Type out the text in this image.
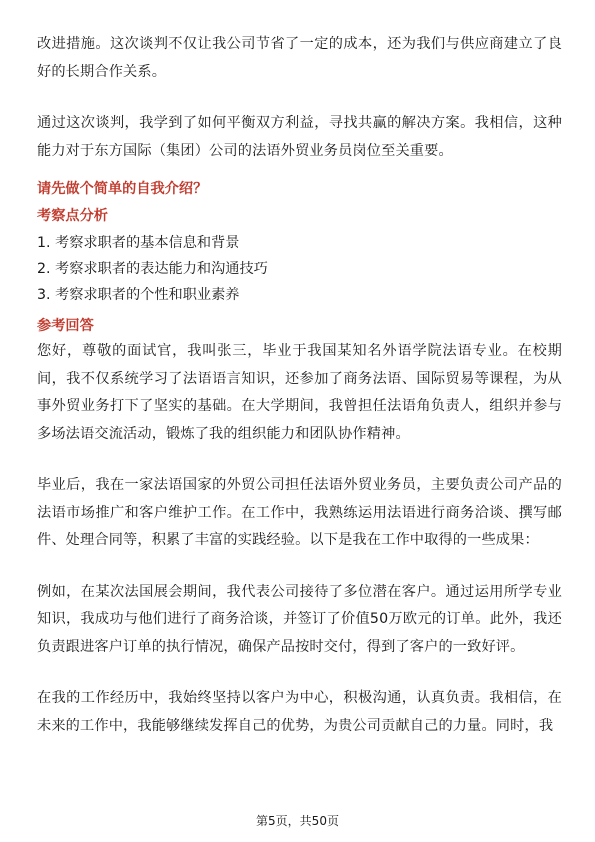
改进措施。这次谈判不仅让我公司节省了一定的成本，还为我们与供应商建立了良好的长期合作关系。

通过这次谈判，我学到了如何平衡双方利益，寻找共赢的解决方案。我相信，这种能力对于东方国际（集团）公司的法语外贸业务员岗位至关重要。

请先做个简单的自我介绍？
考察点分析
1. 考察求职者的基本信息和背景
2. 考察求职者的表达能力和沟通技巧
3. 考察求职者的个性和职业素养
参考回答

您好，尊敬的面试官，我叫张三，毕业于我国某知名外语学院法语专业。在校期间，我不仅系统学习了法语语言知识，还参加了商务法语、国际贸易等课程，为从事外贸业务打下了坚实的基础。在大学期间，我曾担任法语角负责人，组织并参与多场法语交流活动，锻炼了我的组织能力和团队协作精神。

毕业后，我在一家法语国家的外贸公司担任法语外贸业务员，主要负责公司产品的法语市场推广和客户维护工作。在工作中，我熟练运用法语进行商务洽谈、撰写邮件、处理合同等，积累了丰富的实践经验。以下是我在工作中取得的一些成果：

例如，在某次法国展会期间，我代表公司接待了多位潜在客户。通过运用所学专业知识，我成功与他们进行了商务洽谈，并签订了价值50万欧元的订单。此外，我还负责跟进客户订单的执行情况，确保产品按时交付，得到了客户的一致好评。

在我的工作经历中，我始终坚持以客户为中心，积极沟通，认真负责。我相信，在未来的工作中，我能够继续发挥自己的优势，为贵公司贡献自己的力量。同时，我

第5页，共50页
